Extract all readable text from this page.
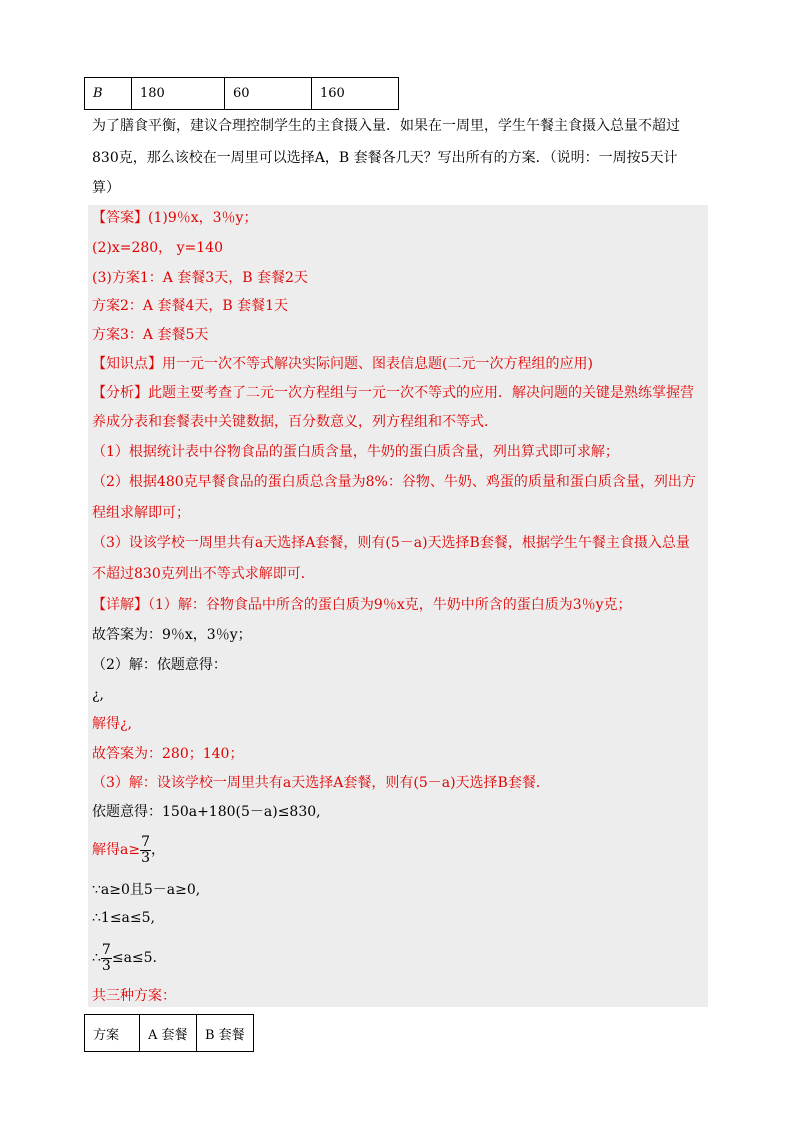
B	180	60	160
为了膳食平衡，建议合理控制学生的主食摄入量．如果在一周里，学生午餐主食摄入总量不超过
830克，那么该校在一周里可以选择A，B 套餐各几天？写出所有的方案．（说明：一周按5天计
算）
【答案】(1)9％x，3％y；
(2)x=280， y=140
(3)方案1：A 套餐3天，B 套餐2天
方案2：A 套餐4天，B 套餐1天
方案3：A 套餐5天
【知识点】用一元一次不等式解决实际问题、图表信息题(二元一次方程组的应用)
【分析】此题主要考查了二元一次方程组与一元一次不等式的应用．解决问题的关键是熟练掌握营
养成分表和套餐表中关键数据，百分数意义，列方程组和不等式．
（1）根据统计表中谷物食品的蛋白质含量，牛奶的蛋白质含量，列出算式即可求解；
（2）根据480克早餐食品的蛋白质总含量为8%：谷物、牛奶、鸡蛋的质量和蛋白质含量，列出方
程组求解即可；
（3）设该学校一周里共有a天选择A套餐，则有(5－a)天选择B套餐，根据学生午餐主食摄入总量
不超过830克列出不等式求解即可．
【详解】（1）解：谷物食品中所含的蛋白质为9％x克，牛奶中所含的蛋白质为3％y克；
故答案为：9％x，3％y；
（2）解：依题意得：
¿,
解得¿,
故答案为：280；140；
（3）解：设该学校一周里共有a天选择A套餐，则有(5－a)天选择B套餐．
依题意得：150a+180(5－a)≤830,
解得$a\ge \frac{7}{3}$ ，
∵a≥0且5－a≥0,
∴1≤a≤5,
∴ $\frac{7}{3} \le a\le 5$.
共三种方案：
方案	A 套餐	B 套餐
